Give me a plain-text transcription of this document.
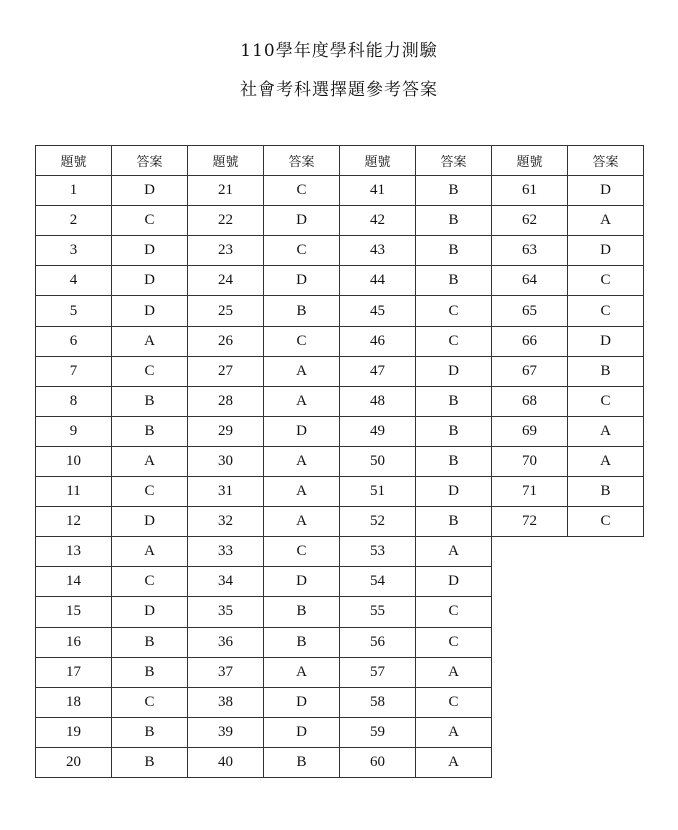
110學年度學科能力測驗
社會考科選擇題參考答案
題號	答案	題號	答案	題號	答案	題號	答案
1	D	21	C	41	B	61	D
2	C	22	D	42	B	62	A
3	D	23	C	43	B	63	D
4	D	24	D	44	B	64	C
5	D	25	B	45	C	65	C
6	A	26	C	46	C	66	D
7	C	27	A	47	D	67	B
8	B	28	A	48	B	68	C
9	B	29	D	49	B	69	A
10	A	30	A	50	B	70	A
11	C	31	A	51	D	71	B
12	D	32	A	52	B	72	C
13	A	33	C	53	A		
14	C	34	D	54	D		
15	D	35	B	55	C		
16	B	36	B	56	C		
17	B	37	A	57	A		
18	C	38	D	58	C		
19	B	39	D	59	A		
20	B	40	B	60	A		
